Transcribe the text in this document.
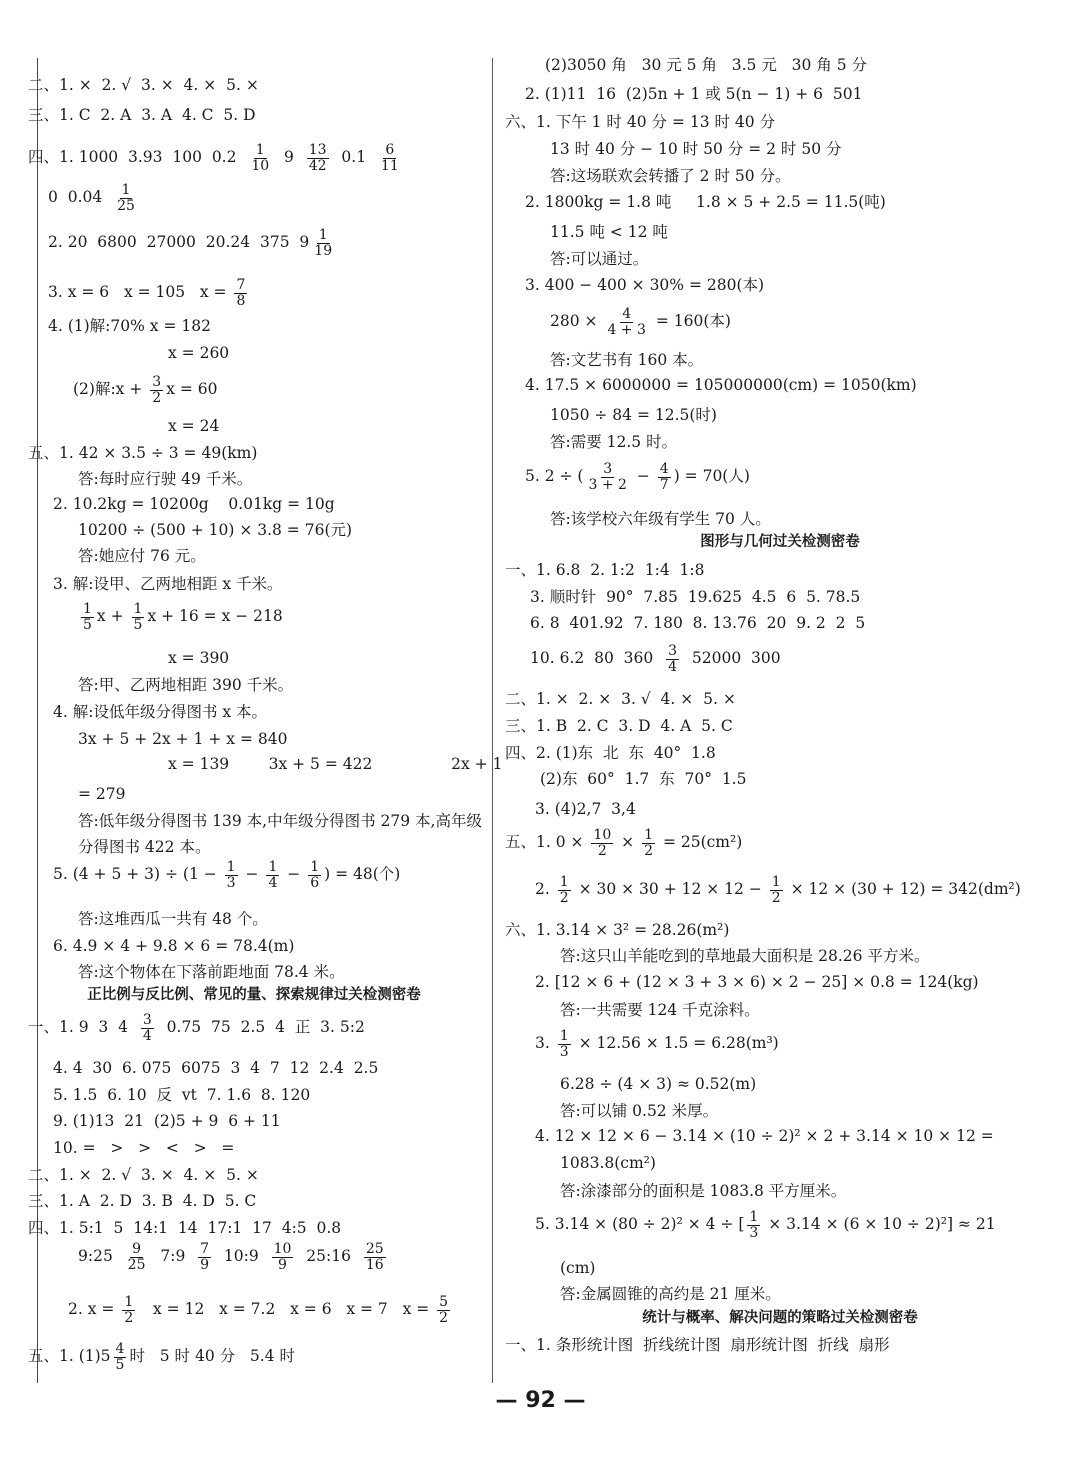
二、1. ×  2. √  3. ×  4. ×  5. ×
三、1. C  2. A  3. A  4. C  5. D
四、1. 1000  3.93  100  $0.2 \frac{1}{10} 9 \frac{13}{42} 0.1 \frac{6}{11}$
0  $0.04 \frac{1}{25}$
2. 20  6800  27000  20.24  375  $9 \frac{1}{19}$
3. x = 6   x = 105   $x = \frac{7}{8}$
4. (1)解:70% x = 182
x = 260
(2)解:x + $\frac{3}{2}$ x = 60
x = 24
五、1. 42 × 3.5 ÷ 3 = 49(km)
答:每时应行驶 49 千米。
2. 10.2kg = 10200g    0.01kg = 10g
10200 ÷ (500 + 10) × 3.8 = 76(元)
答:她应付 76 元。
3. 解:设甲、乙两地相距 x 千米。
$\frac{1}{5}$ $x + \frac{1}{5}$ x + 16 = x − 218
x = 390
答:甲、乙两地相距 390 千米。
4. 解:设低年级分得图书 x 本。
3x + 5 + 2x + 1 + x = 840
x = 139        3x + 5 = 422                2x + 1
= 279
答:低年级分得图书 139 本,中年级分得图书 279 本,高年级
分得图书 422 本。
5. $(4 + 5 + 3) \div (1 - \frac{1}{3} - \frac{1}{4} - \frac{1}{6}$ ) = 48(个)
答:这堆西瓜一共有 48 个。
6. 4.9 × 4 + 9.8 × 6 = 78.4(m)
答:这个物体在下落前距地面 78.4 米。
正比例与反比例、常见的量、探索规律过关检测密卷
一、1. 9  3  $4 \frac{3}{4} 0.75$  75  2.5  4  正  3. 5:2
4. 4  30  6. 075  6075  3  4  7  12  2.4  2.5
5. 1.5  6. 10  反  vt  7. 1.6  8. 120
9. (1)13  21  (2)5 + 9  6 + 11
10. =   >   >   <   >   =
二、1. ×  2. √  3. ×  4. ×  5. ×
三、1. A  2. D  3. B  4. D  5. C
四、1. 5:1  5  14:1  14  17:1  17  4:5  0.8
9:25 $\frac{9}{25}$ 7:9 $\frac{7}{9}$ 10:9 $\frac{10}{9}$ 25:16 $\frac{25}{16}$
2. $x = \frac{1}{2}$ x = 12   x = 7.2   x = 6   x = 7   $x = \frac{5}{2}$
五、1. $(1)5 \frac{4}{5}$ 时   5 时 40 分   5.4 时
(2)3050 角   30 元 5 角   3.5 元   30 角 5 分
2. (1)11  16  (2)5n + 1 或 5(n − 1) + 6  501
六、1. 下午 1 时 40 分 = 13 时 40 分
13 时 40 分 − 10 时 50 分 = 2 时 50 分
答:这场联欢会转播了 2 时 50 分。
2. 1800kg = 1.8 吨     1.8 × 5 + 2.5 = 11.5(吨)
11.5 吨 < 12 吨
答:可以通过。
3. 400 − 400 × 30% = 280(本)
$280 \times \frac{4}{4 + 3} = 160$(本)
答:文艺书有 160 本。
4. 17.5 × 6000000 = 105000000(cm) = 1050(km)
1050 ÷ 84 = 12.5(时)
答:需要 12.5 时。
5. 2 ÷ ( $\frac{3}{3 + 2} - \frac{4}{7}$ ) = 70(人)
答:该学校六年级有学生 70 人。
图形与几何过关检测密卷
一、1. 6.8  2. 1:2  1:4  1:8
3. 顺时针  90°  7.85  19.625  4.5  6  5. 78.5
6. 8  401.92  7. 180  8. 13.76  20  9. 2  2  5
10. 6.2  80  $360 \frac{3}{4} 52000$  300
二、1. ×  2. ×  3. √  4. ×  5. ×
三、1. B  2. C  3. D  4. A  5. C
四、2. (1)东  北  东  40°  1.8
(2)东  60°  1.7  东  70°  1.5
3. (4)2,7  3,4
五、1. $0 \times \frac{10}{2} \times \frac{1}{2} = 25(cm^2)$
2. $\frac{1}{2} \times 30 \times 30 + 12 \times 12 - \frac{1}{2} \times 12 \times (30 + 12) = 342(dm^2)$
六、1. 3.14 × 3² = 28.26(m²)
答:这只山羊能吃到的草地最大面积是 28.26 平方米。
2. [12 × 6 + (12 × 3 + 3 × 6) × 2 − 25] × 0.8 = 124(kg)
答:一共需要 124 千克涂料。
3. $\frac{1}{3} \times 12.56 \times 1.5 = 6.28(m^3)$
6.28 ÷ (4 × 3) ≈ 0.52(m)
答:可以铺 0.52 米厚。
4. 12 × 12 × 6 − 3.14 × (10 ÷ 2)² × 2 + 3.14 × 10 × 12 =
1083.8(cm²)
答:涂漆部分的面积是 1083.8 平方厘米。
5. 3.14 × (80 ÷ 2)² × 4 ÷ [ $\frac{1}{3} \times 3.14 \times (6 \times 10 \div 2)^2] \approx 21$
(cm)
答:金属圆锥的高约是 21 厘米。
统计与概率、解决问题的策略过关检测密卷
一、1. 条形统计图  折线统计图  扇形统计图  折线  扇形
— 92 —
